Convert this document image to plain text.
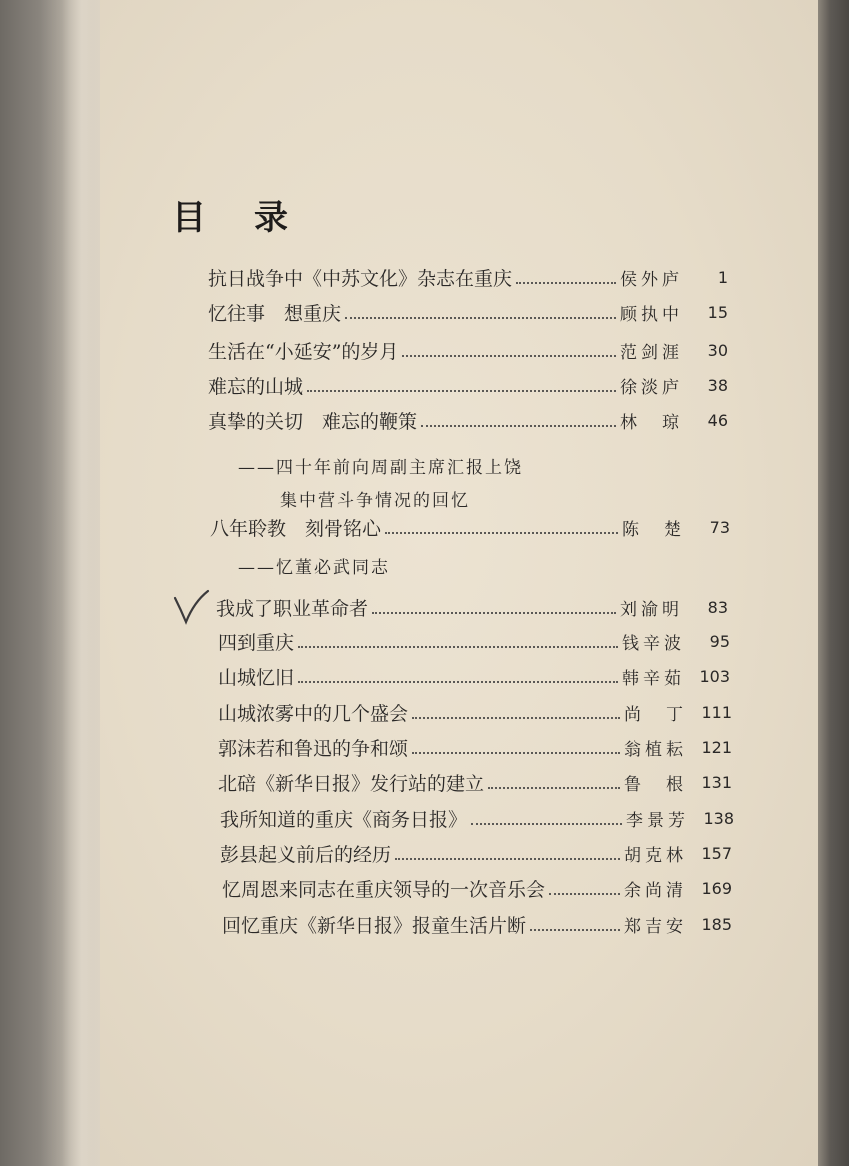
目录
抗日战争中《中苏文化》杂志在重庆	侯外庐	1
忆往事　想重庆	顾执中	15
生活在“小延安”的岁月	范剑涯	30
难忘的山城	徐淡庐	38
真挚的关切　难忘的鞭策	林　琼	46
——四十年前向周副主席汇报上饶
集中营斗争情况的回忆
八年聆教　刻骨铭心	陈　楚	73
——忆董必武同志
我成了职业革命者	刘渝明	83
四到重庆	钱辛波	95
山城忆旧	韩辛茹 103
山城浓雾中的几个盛会	尚　丁 111
郭沫若和鲁迅的争和颂	翁植耘 121
北碚《新华日报》发行站的建立	鲁　根 131
我所知道的重庆《商务日报》	李景芳 138
彭县起义前后的经历	胡克林 157
忆周恩来同志在重庆领导的一次音乐会	余尚清 169
回忆重庆《新华日报》报童生活片断	郑吉安 185
